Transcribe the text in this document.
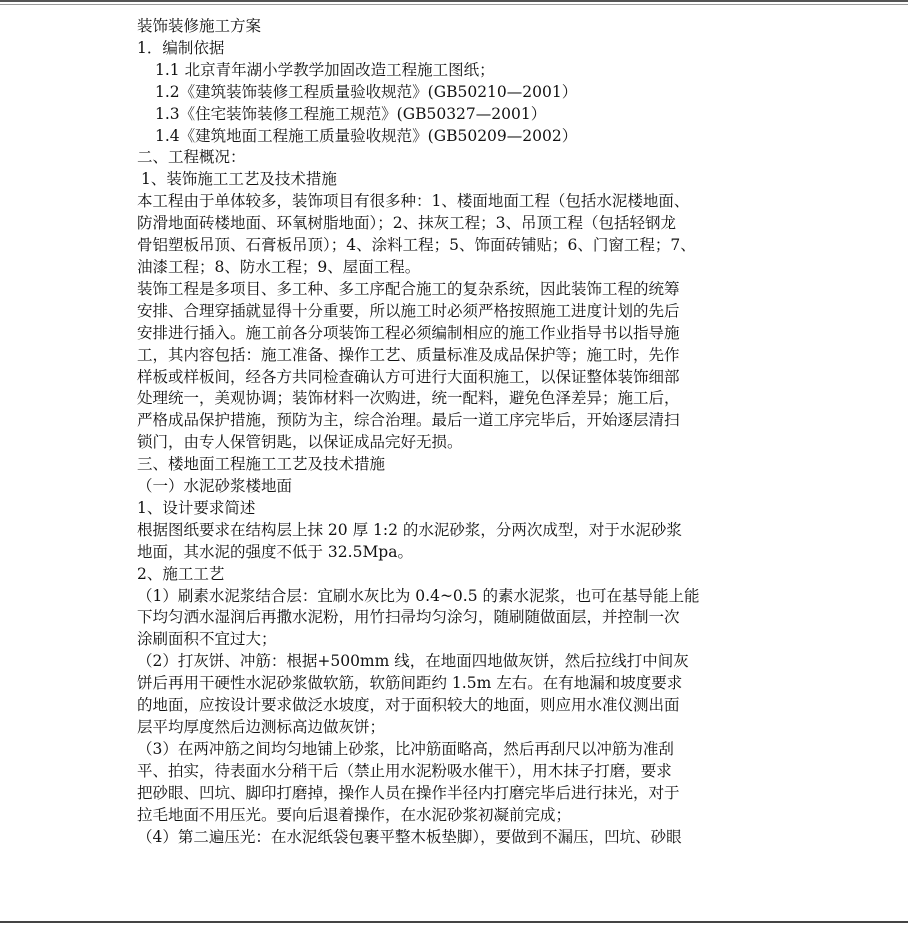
装饰装修施工方案
1．编制依据
1.1 北京青年湖小学教学加固改造工程施工图纸；
1.2《建筑装饰装修工程质量验收规范》(GB50210—2001）
1.3《住宅装饰装修工程施工规范》(GB50327—2001）
1.4《建筑地面工程施工质量验收规范》(GB50209—2002）
二、工程概况：
1、装饰施工工艺及技术措施
本工程由于单体较多，装饰项目有很多种：1、楼面地面工程（包括水泥楼地面、
防滑地面砖楼地面、环氧树脂地面）；2、抹灰工程；3、吊顶工程（包括轻钢龙
骨铝塑板吊顶、石膏板吊顶）；4、涂料工程；5、饰面砖铺贴；6、门窗工程；7、
油漆工程；8、防水工程；9、屋面工程。
装饰工程是多项目、多工种、多工序配合施工的复杂系统，因此装饰工程的统筹
安排、合理穿插就显得十分重要，所以施工时必须严格按照施工进度计划的先后
安排进行插入。施工前各分项装饰工程必须编制相应的施工作业指导书以指导施
工，其内容包括：施工准备、操作工艺、质量标准及成品保护等；施工时，先作
样板或样板间，经各方共同检查确认方可进行大面积施工，以保证整体装饰细部
处理统一，美观协调；装饰材料一次购进，统一配料，避免色泽差异；施工后，
严格成品保护措施，预防为主，综合治理。最后一道工序完毕后，开始逐层清扫
锁门，由专人保管钥匙，以保证成品完好无损。
三、楼地面工程施工工艺及技术措施
（一）水泥砂浆楼地面
1、设计要求简述
根据图纸要求在结构层上抹 20 厚 1:2 的水泥砂浆，分两次成型，对于水泥砂浆
地面，其水泥的强度不低于 32.5Mpa。
2、施工工艺
（1）刷素水泥浆结合层：宜刷水灰比为 0.4~0.5 的素水泥浆，也可在基导能上能
下均匀洒水湿润后再撒水泥粉，用竹扫帚均匀涂匀，随刷随做面层，并控制一次
涂刷面积不宜过大；
（2）打灰饼、冲筋：根据+500mm 线，在地面四地做灰饼，然后拉线打中间灰
饼后再用干硬性水泥砂浆做软筋，软筋间距约 1.5m 左右。在有地漏和坡度要求
的地面，应按设计要求做泛水坡度，对于面积较大的地面，则应用水准仪测出面
层平均厚度然后边测标高边做灰饼；
（3）在两冲筋之间均匀地铺上砂浆，比冲筋面略高，然后再刮尺以冲筋为准刮
平、拍实，待表面水分稍干后（禁止用水泥粉吸水催干），用木抹子打磨，要求
把砂眼、凹坑、脚印打磨掉，操作人员在操作半径内打磨完毕后进行抹光，对于
拉毛地面不用压光。要向后退着操作，在水泥砂浆初凝前完成；
（4）第二遍压光：在水泥纸袋包裹平整木板垫脚），要做到不漏压，凹坑、砂眼
